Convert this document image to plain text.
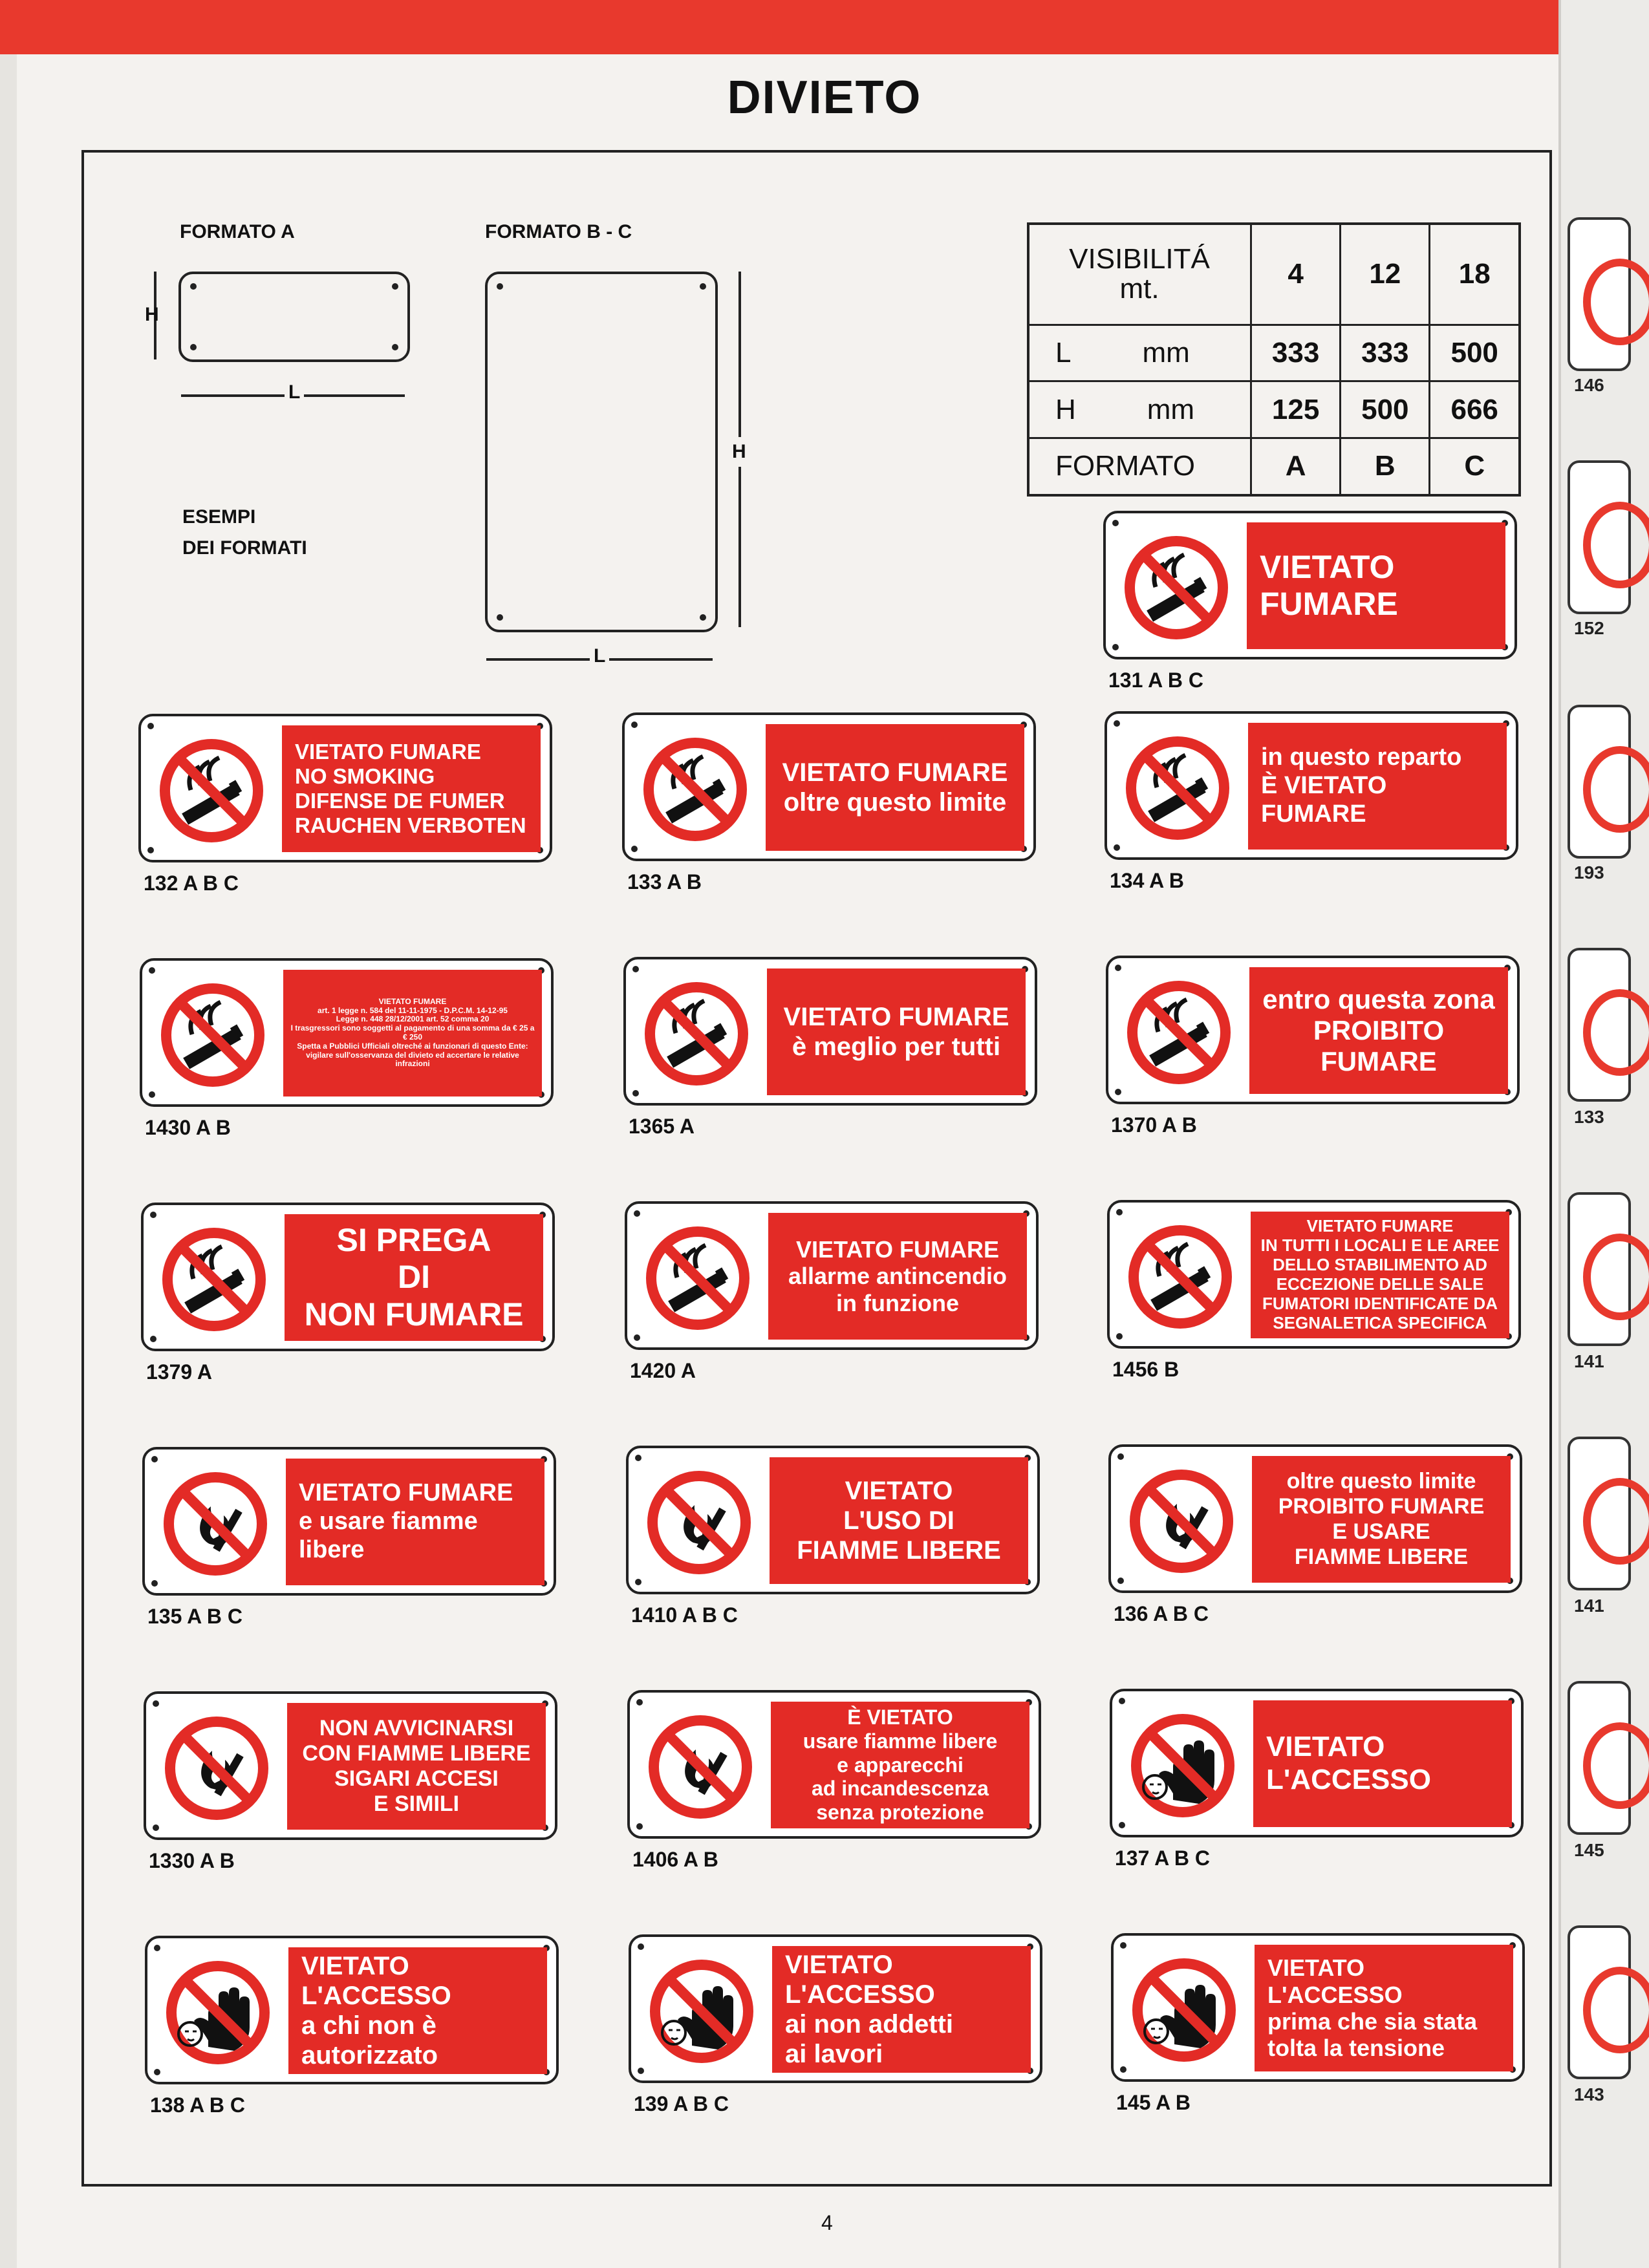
146
152
193
133
141
141
145
143
DIVIETO
FORMATO A	FORMATO B - C
H
L
H
L
ESEMPI
DEI FORMATI
VISIBILITÁ
mt.	4	12	18
L mm	333	333	500
H mm	125	500	666
FORMATO	A	B	C
VIETATO
FUMARE
131 A B C
VIETATO FUMARE
NO SMOKING
DIFENSE DE FUMER
RAUCHEN VERBOTEN
132 A B C
VIETATO FUMARE
oltre questo limite
133 A B
in questo reparto
È VIETATO
FUMARE
134 A B
VIETATO FUMARE
art. 1 legge n. 584 del 11-11-1975 - D.P.C.M. 14-12-95
Legge n. 448 28/12/2001 art. 52 comma 20
I trasgressori sono soggetti al pagamento di una somma da € 25 a € 250
Spetta a Pubblici Ufficiali oltreché ai funzionari di questo Ente:
vigilare sull'osservanza del divieto ed accertare le relative infrazioni
1430 A B
VIETATO FUMARE
è meglio per tutti
1365 A
entro questa zona
PROIBITO
FUMARE
1370 A B
SI PREGA
DI
NON FUMARE
1379 A
VIETATO FUMARE
allarme antincendio
in funzione
1420 A
VIETATO FUMARE
IN TUTTI I LOCALI E LE AREE
DELLO STABILIMENTO AD
ECCEZIONE DELLE SALE
FUMATORI IDENTIFICATE DA
SEGNALETICA SPECIFICA
1456 B
VIETATO FUMARE
e usare fiamme
libere
135 A B C
VIETATO
L'USO DI
FIAMME LIBERE
1410 A B C
oltre questo limite
PROIBITO FUMARE
E USARE
FIAMME LIBERE
136 A B C
NON AVVICINARSI
CON FIAMME LIBERE
SIGARI ACCESI
E SIMILI
1330 A B
È VIETATO
usare fiamme libere
e apparecchi
ad incandescenza
senza protezione
1406 A B
VIETATO
L'ACCESSO
137 A B C
VIETATO
L'ACCESSO
a chi non è
autorizzato
138 A B C
VIETATO
L'ACCESSO
ai non addetti
ai lavori
139 A B C
VIETATO
L'ACCESSO
prima che sia stata
tolta la tensione
145 A B
4
